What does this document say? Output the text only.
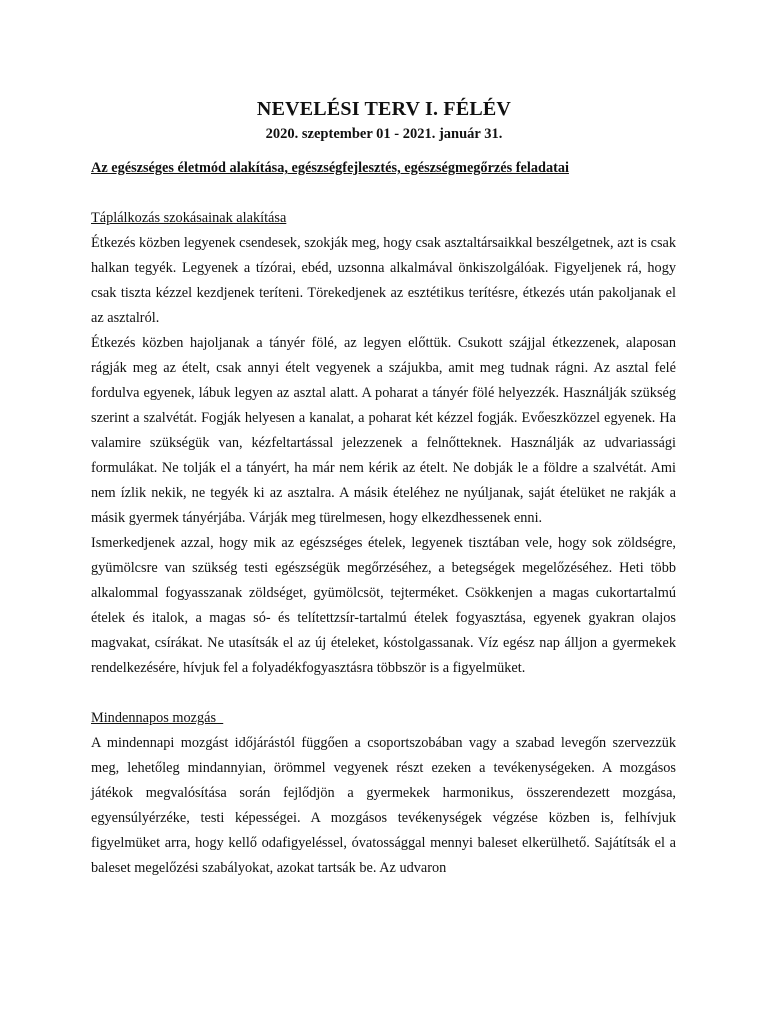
NEVELÉSI TERV I. FÉLÉV
2020. szeptember 01 - 2021. január 31.
Az egészséges életmód alakítása, egészségfejlesztés, egészségmegőrzés feladatai
Táplálkozás szokásainak alakítása

Étkezés közben legyenek csendesek, szokják meg, hogy csak asztaltársaikkal beszélgetnek, azt is csak halkan tegyék. Legyenek a tízórai, ebéd, uzsonna alkalmával önkiszolgálóak. Figyeljenek rá, hogy csak tiszta kézzel kezdjenek teríteni. Törekedjenek az esztétikus terítésre, étkezés után pakoljanak el az asztalról.

Étkezés közben hajoljanak a tányér fölé, az legyen előttük. Csukott szájjal étkezzenek, alaposan rágják meg az ételt, csak annyi ételt vegyenek a szájukba, amit meg tudnak rágni. Az asztal felé fordulva egyenek, lábuk legyen az asztal alatt. A poharat a tányér fölé helyezzék. Használják szükség szerint a szalvétát. Fogják helyesen a kanalat, a poharat két kézzel fogják. Evőeszközzel egyenek. Ha valamire szükségük van, kézfeltartással jelezzenek a felnőtteknek. Használják az udvariassági formulákat. Ne tolják el a tányért, ha már nem kérik az ételt. Ne dobják le a földre a szalvétát. Ami nem ízlik nekik, ne tegyék ki az asztalra. A másik ételéhez ne nyúljanak, saját ételüket ne rakják a másik gyermek tányérjába. Várják meg türelmesen, hogy elkezdhessenek enni.

Ismerkedjenek azzal, hogy mik az egészséges ételek, legyenek tisztában vele, hogy sok zöldségre, gyümölcsre van szükség testi egészségük megőrzéséhez, a betegségek megelőzéséhez. Heti több alkalommal fogyasszanak zöldséget, gyümölcsöt, tejterméket. Csökkenjen a magas cukortartalmú ételek és italok, a magas só- és telítettzsír-tartalmú ételek fogyasztása, egyenek gyakran olajos magvakat, csírákat. Ne utasítsák el az új ételeket, kóstolgassanak. Víz egész nap álljon a gyermekek rendelkezésére, hívjuk fel a folyadékfogyasztásra többször is a figyelmüket.

Mindennapos mozgás

A mindennapi mozgást időjárástól függően a csoportszobában vagy a szabad levegőn szervezzük meg, lehetőleg mindannyian, örömmel vegyenek részt ezeken a tevékenységeken. A mozgásos játékok megvalósítása során fejlődjön a gyermekek harmonikus, összerendezett mozgása, egyensúlyérzéke, testi képességei. A mozgásos tevékenységek végzése közben is, felhívjuk figyelmüket arra, hogy kellő odafigyeléssel, óvatossággal mennyi baleset elkerülhető. Sajátítsák el a baleset megelőzési szabályokat, azokat tartsák be. Az udvaron
